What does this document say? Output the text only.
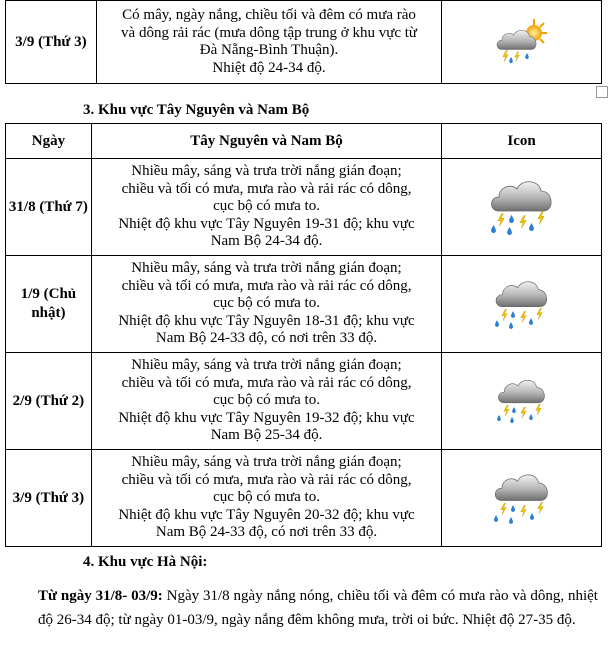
3/9 (Thứ 3)	
Có mây, ngày nắng, chiều tối và đêm có mưa rào
và dông rải rác (mưa dông tập trung ở khu vực từ
Đà Nẵng-Bình Thuận).
Nhiệt độ 24-34 độ.

3. Khu vực Tây Nguyên và Nam Bộ
Ngày	Tây Nguyên và Nam Bộ	Icon
31/8 (Thứ 7)	Nhiều mây, sáng và trưa trời nắng gián đoạn;
chiều và tối có mưa, mưa rào và rải rác có dông,
cục bộ có mưa to.
Nhiệt độ khu vực Tây Nguyên 19-31 độ; khu vực
Nam Bộ 24-34 độ.

1/9 (Chủ nhật)	Nhiều mây, sáng và trưa trời nắng gián đoạn;
chiều và tối có mưa, mưa rào và rải rác có dông,
cục bộ có mưa to.
Nhiệt độ khu vực Tây Nguyên 18-31 độ; khu vực
Nam Bộ 24-33 độ, có nơi trên 33 độ.

2/9 (Thứ 2)	Nhiều mây, sáng và trưa trời nắng gián đoạn;
chiều và tối có mưa, mưa rào và rải rác có dông,
cục bộ có mưa to.
Nhiệt độ khu vực Tây Nguyên 19-32 độ; khu vực
Nam Bộ 25-34 độ.

3/9 (Thứ 3)	Nhiều mây, sáng và trưa trời nắng gián đoạn;
chiều và tối có mưa, mưa rào và rải rác có dông,
cục bộ có mưa to.
Nhiệt độ khu vực Tây Nguyên 20-32 độ; khu vực
Nam Bộ 24-33 độ, có nơi trên 33 độ.

4. Khu vực Hà Nội:
Từ ngày 31/8- 03/9: Ngày 31/8 ngày nắng nóng, chiều tối và đêm có mưa rào và dông, nhiệt độ 26-34 độ; từ ngày 01-03/9, ngày nắng đêm không mưa, trời oi bức. Nhiệt độ 27-35 độ.
